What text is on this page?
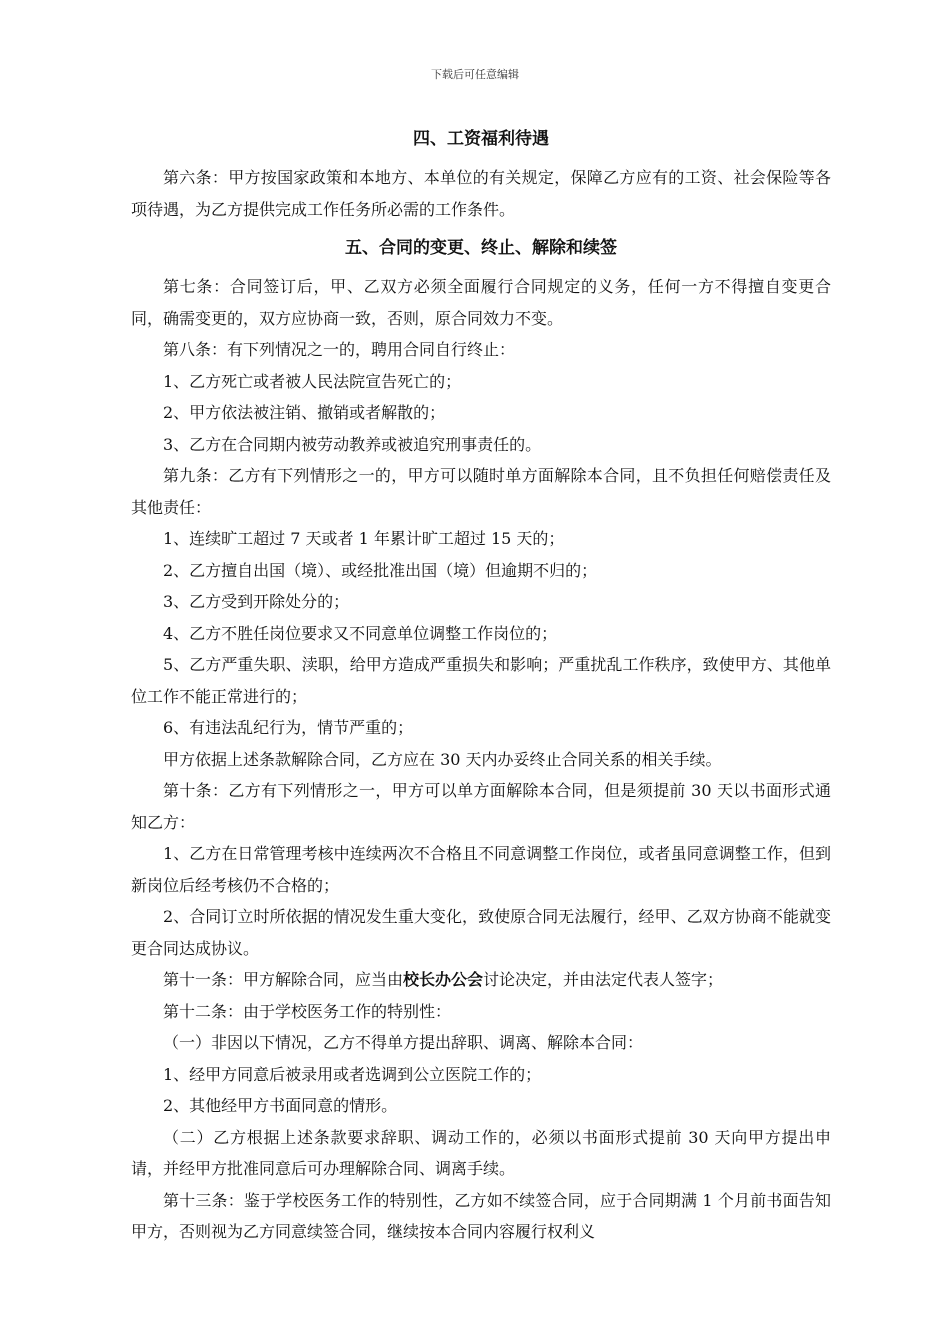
下载后可任意编辑
四、工资福利待遇

第六条：甲方按国家政策和本地方、本单位的有关规定，保障乙方应有的工资、社会保险等各项待遇，为乙方提供完成工作任务所必需的工作条件。

五、合同的变更、终止、解除和续签

第七条：合同签订后，甲、乙双方必须全面履行合同规定的义务，任何一方不得擅自变更合同，确需变更的，双方应协商一致，否则，原合同效力不变。

第八条：有下列情况之一的，聘用合同自行终止：

1、乙方死亡或者被人民法院宣告死亡的；

2、甲方依法被注销、撤销或者解散的；

3、乙方在合同期内被劳动教养或被追究刑事责任的。

第九条：乙方有下列情形之一的，甲方可以随时单方面解除本合同，且不负担任何赔偿责任及其他责任：

1、连续旷工超过 7 天或者 1 年累计旷工超过 15 天的；

2、乙方擅自出国（境）、或经批准出国（境）但逾期不归的；

3、乙方受到开除处分的；

4、乙方不胜任岗位要求又不同意单位调整工作岗位的；

5、乙方严重失职、渎职，给甲方造成严重损失和影响；严重扰乱工作秩序，致使甲方、其他单位工作不能正常进行的；

6、有违法乱纪行为，情节严重的；

甲方依据上述条款解除合同，乙方应在 30 天内办妥终止合同关系的相关手续。

第十条：乙方有下列情形之一，甲方可以单方面解除本合同，但是须提前 30 天以书面形式通知乙方：

1、乙方在日常管理考核中连续两次不合格且不同意调整工作岗位，或者虽同意调整工作，但到新岗位后经考核仍不合格的；

2、合同订立时所依据的情况发生重大变化，致使原合同无法履行，经甲、乙双方协商不能就变更合同达成协议。

第十一条：甲方解除合同，应当由校长办公会讨论决定，并由法定代表人签字；

第十二条：由于学校医务工作的特别性：

（一）非因以下情况，乙方不得单方提出辞职、调离、解除本合同：

1、经甲方同意后被录用或者选调到公立医院工作的；

2、其他经甲方书面同意的情形。

（二）乙方根据上述条款要求辞职、调动工作的，必须以书面形式提前 30 天向甲方提出申请，并经甲方批准同意后可办理解除合同、调离手续。

第十三条：鉴于学校医务工作的特别性，乙方如不续签合同，应于合同期满 1 个月前书面告知甲方，否则视为乙方同意续签合同，继续按本合同内容履行权利义
